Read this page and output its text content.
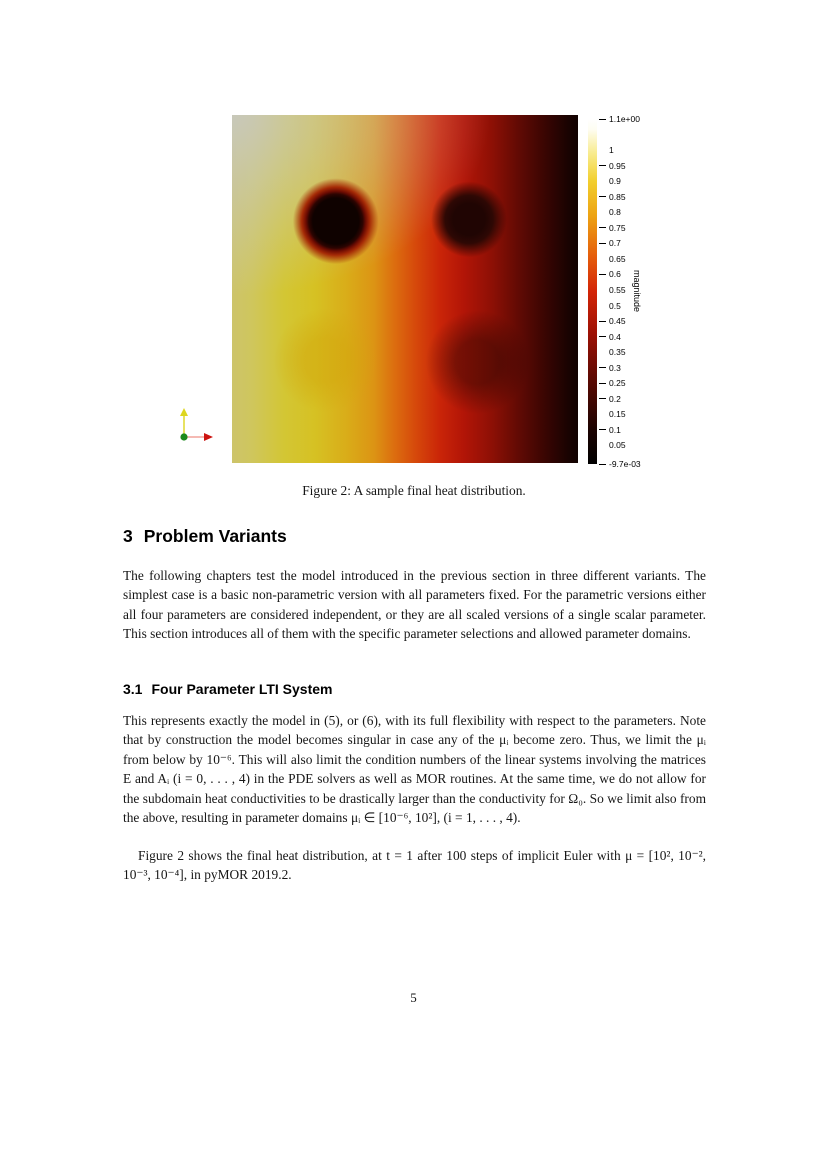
1.1e+00
1
0.95
0.9
0.85
0.8
0.75
0.7
0.65
0.6
0.55
0.5
0.45
0.4
0.35
0.3
0.25
0.2
0.15
0.1
0.05
-9.7e-03
magnitude
Figure 2: A sample final heat distribution.
3 Problem Variants

The following chapters test the model introduced in the previous section in three different variants. The simplest case is a basic non-parametric version with all parameters fixed. For the parametric versions either all four parameters are considered independent, or they are all scaled versions of a single scalar parameter. This section introduces all of them with the specific parameter selections and allowed parameter domains.

3.1 Four Parameter LTI System

This represents exactly the model in (5), or (6), with its full flexibility with respect to the parameters. Note that by construction the model becomes singular in case any of the μᵢ become zero. Thus, we limit the μᵢ from below by 10⁻⁶. This will also limit the condition numbers of the linear systems involving the matrices E and Aᵢ (i = 0, . . . , 4) in the PDE solvers as well as MOR routines. At the same time, we do not allow for the subdomain heat conductivities to be drastically larger than the conductivity for Ω₀. So we limit also from the above, resulting in parameter domains μᵢ ∈ [10⁻⁶, 10²], (i = 1, . . . , 4).

Figure 2 shows the final heat distribution, at t = 1 after 100 steps of implicit Euler with μ = [10², 10⁻², 10⁻³, 10⁻⁴], in pyMOR 2019.2.

5
